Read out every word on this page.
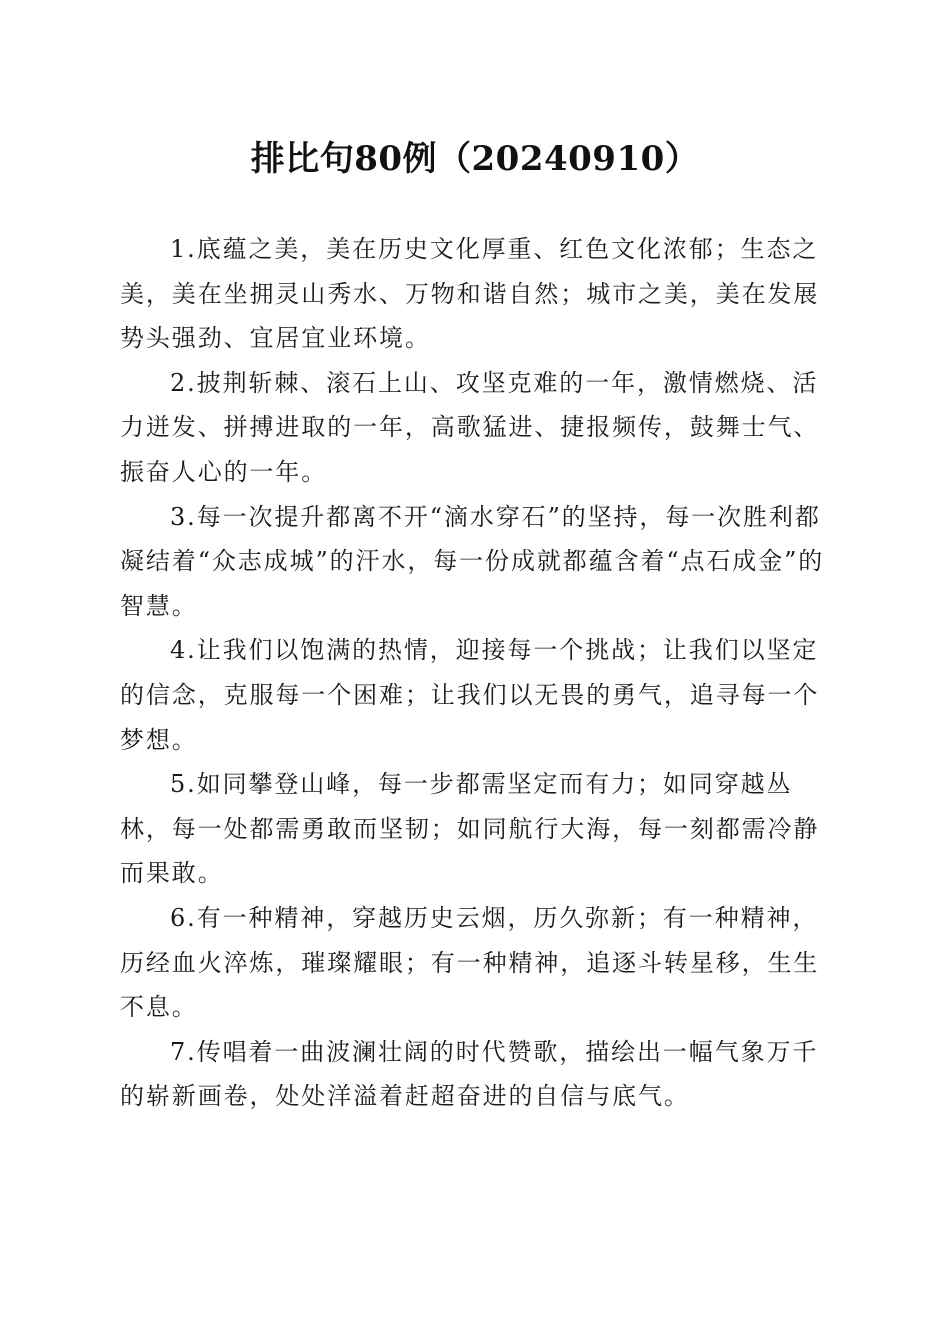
排比句80例（20240910）

1.底蕴之美，美在历史文化厚重、红色文化浓郁；生态之美，美在坐拥灵山秀水、万物和谐自然；城市之美，美在发展势头强劲、宜居宜业环境。

2.披荆斩棘、滚石上山、攻坚克难的一年，激情燃烧、活力迸发、拼搏进取的一年，高歌猛进、捷报频传，鼓舞士气、振奋人心的一年。

3.每一次提升都离不开“滴水穿石”的坚持，每一次胜利都凝结着“众志成城”的汗水，每一份成就都蕴含着“点石成金”的智慧。

4.让我们以饱满的热情，迎接每一个挑战；让我们以坚定的信念，克服每一个困难；让我们以无畏的勇气，追寻每一个梦想。

5.如同攀登山峰，每一步都需坚定而有力；如同穿越丛林，每一处都需勇敢而坚韧；如同航行大海，每一刻都需冷静而果敢。

6.有一种精神，穿越历史云烟，历久弥新；有一种精神，历经血火淬炼，璀璨耀眼；有一种精神，追逐斗转星移，生生不息。

7.传唱着一曲波澜壮阔的时代赞歌，描绘出一幅气象万千的崭新画卷，处处洋溢着赶超奋进的自信与底气。
